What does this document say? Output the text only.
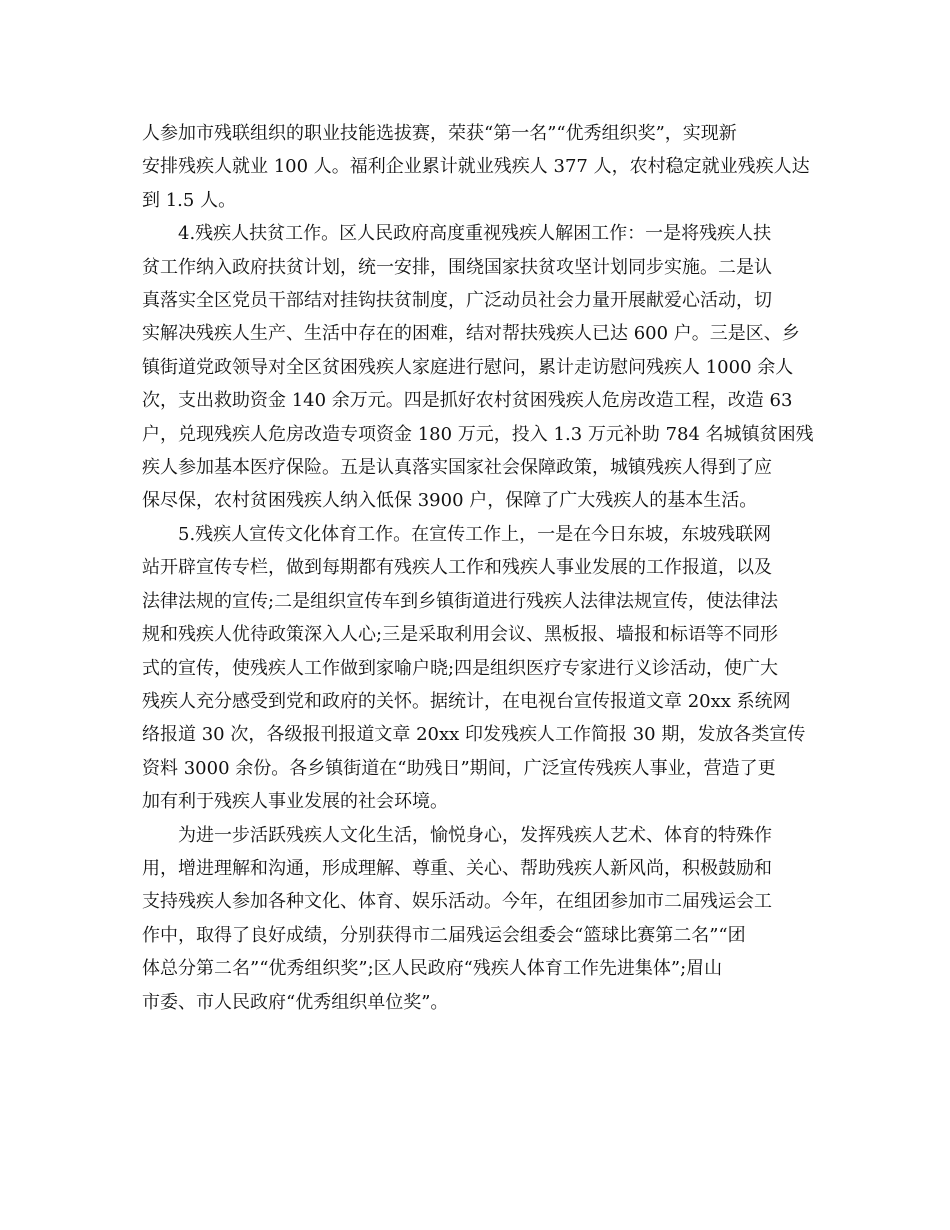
人参加市残联组织的职业技能选拔赛，荣获“第一名”“优秀组织奖”，实现新
安排残疾人就业 100 人。福利企业累计就业残疾人 377 人，农村稳定就业残疾人达
到 1.5 人。

4.残疾人扶贫工作。区人民政府高度重视残疾人解困工作：一是将残疾人扶
贫工作纳入政府扶贫计划，统一安排，围绕国家扶贫攻坚计划同步实施。二是认
真落实全区党员干部结对挂钩扶贫制度，广泛动员社会力量开展献爱心活动，切
实解决残疾人生产、生活中存在的困难，结对帮扶残疾人已达 600 户。三是区、乡
镇街道党政领导对全区贫困残疾人家庭进行慰问，累计走访慰问残疾人 1000 余人
次，支出救助资金 140 余万元。四是抓好农村贫困残疾人危房改造工程，改造 63
户，兑现残疾人危房改造专项资金 180 万元，投入 1.3 万元补助 784 名城镇贫困残
疾人参加基本医疗保险。五是认真落实国家社会保障政策，城镇残疾人得到了应
保尽保，农村贫困残疾人纳入低保 3900 户，保障了广大残疾人的基本生活。

5.残疾人宣传文化体育工作。在宣传工作上，一是在今日东坡，东坡残联网
站开辟宣传专栏，做到每期都有残疾人工作和残疾人事业发展的工作报道，以及
法律法规的宣传;二是组织宣传车到乡镇街道进行残疾人法律法规宣传，使法律法
规和残疾人优待政策深入人心;三是采取利用会议、黑板报、墙报和标语等不同形
式的宣传，使残疾人工作做到家喻户晓;四是组织医疗专家进行义诊活动，使广大
残疾人充分感受到党和政府的关怀。据统计，在电视台宣传报道文章 20xx 系统网
络报道 30 次，各级报刊报道文章 20xx 印发残疾人工作简报 30 期，发放各类宣传
资料 3000 余份。各乡镇街道在“助残日”期间，广泛宣传残疾人事业，营造了更
加有利于残疾人事业发展的社会环境。

为进一步活跃残疾人文化生活，愉悦身心，发挥残疾人艺术、体育的特殊作
用，增进理解和沟通，形成理解、尊重、关心、帮助残疾人新风尚，积极鼓励和
支持残疾人参加各种文化、体育、娱乐活动。今年，在组团参加市二届残运会工
作中，取得了良好成绩，分别获得市二届残运会组委会“篮球比赛第二名”“团
体总分第二名”“优秀组织奖”;区人民政府“残疾人体育工作先进集体”;眉山
市委、市人民政府“优秀组织单位奖”。
